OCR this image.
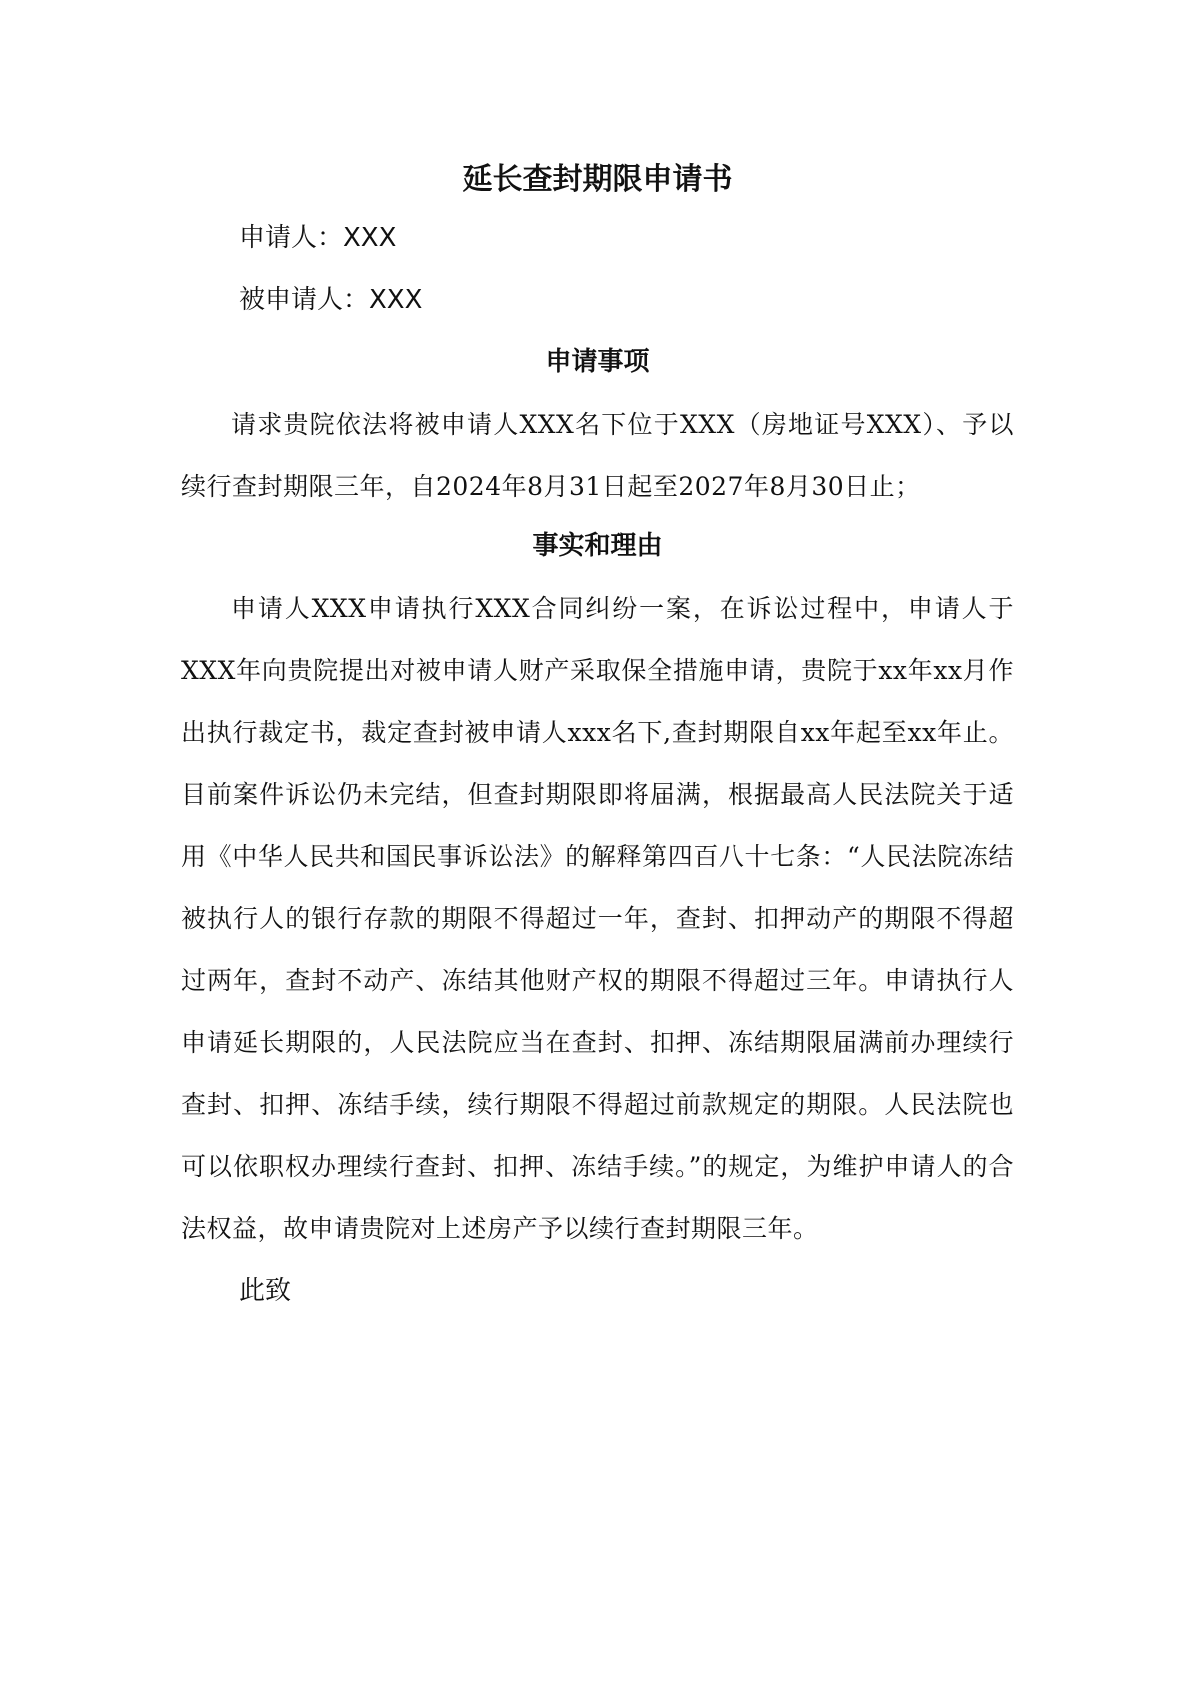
延长查封期限申请书

申请人：XXX

被申请人：XXX

申请事项

请求贵院依法将被申请人XXX名下位于XXX（房地证号XXX）、予以续行查封期限三年，自2024年8月31日起至2027年8月30日止；

事实和理由

申请人XXX申请执行XXX合同纠纷一案，在诉讼过程中，申请人于XXX年向贵院提出对被申请人财产采取保全措施申请，贵院于xx年xx月作出执行裁定书，裁定查封被申请人xxx名下,查封期限自xx年起至xx年止。目前案件诉讼仍未完结，但查封期限即将届满，根据最高人民法院关于适用《中华人民共和国民事诉讼法》的解释第四百八十七条：“人民法院冻结被执行人的银行存款的期限不得超过一年，查封、扣押动产的期限不得超过两年，查封不动产、冻结其他财产权的期限不得超过三年。申请执行人申请延长期限的，人民法院应当在查封、扣押、冻结期限届满前办理续行查封、扣押、冻结手续，续行期限不得超过前款规定的期限。人民法院也可以依职权办理续行查封、扣押、冻结手续。”的规定，为维护申请人的合法权益，故申请贵院对上述房产予以续行查封期限三年。

此致
